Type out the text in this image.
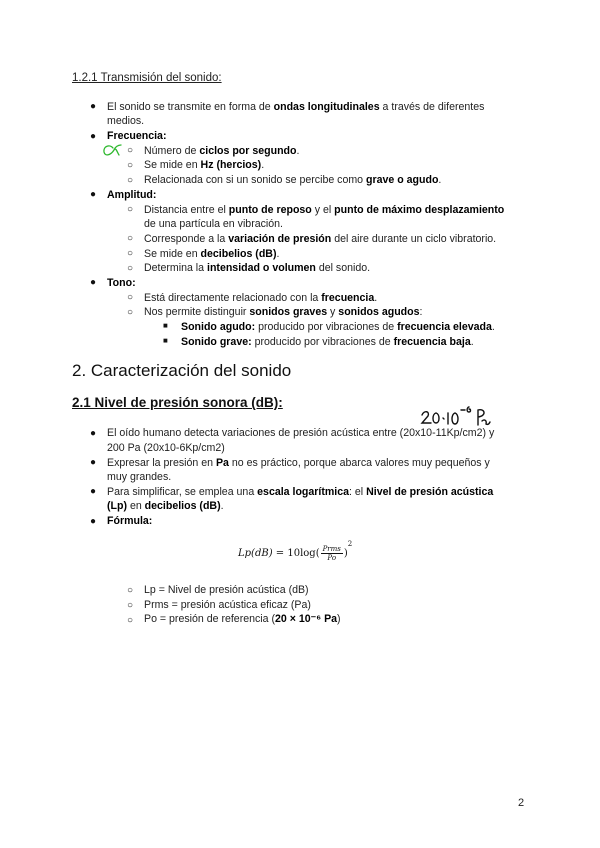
1.2.1 Transmisión del sonido:
● El sonido se transmite en forma de ondas longitudinales a través de diferentes
medios.
● Frecuencia:
○ Número de ciclos por segundo.
○ Se mide en Hz (hercios).
○ Relacionada con si un sonido se percibe como grave o agudo.
● Amplitud:
○ Distancia entre el punto de reposo y el punto de máximo desplazamiento
de una partícula en vibración.
○ Corresponde a la variación de presión del aire durante un ciclo vibratorio.
○ Se mide en decibelios (dB).
○ Determina la intensidad o volumen del sonido.
● Tono:
○ Está directamente relacionado con la frecuencia.
○ Nos permite distinguir sonidos graves y sonidos agudos:
■ Sonido agudo: producido por vibraciones de frecuencia elevada.
■ Sonido grave: producido por vibraciones de frecuencia baja.
2. Caracterización del sonido
2.1 Nivel de presión sonora (dB):
● El oído humano detecta variaciones de presión acústica entre (20x10-11Kp/cm2) y
200 Pa (20x10-6Kp/cm2)
● Expresar la presión en Pa no es práctico, porque abarca valores muy pequeños y
muy grandes.
● Para simplificar, se emplea una escala logarítmica: el Nivel de presión acústica
(Lp) en decibelios (dB).
● Fórmula:
$Lp(dB) = 10\log( \frac{\text{Prms}}{Po} )^2$
○ Lp = Nivel de presión acústica (dB)
○ Prms = presión acústica eficaz (Pa)
○ Po = presión de referencia (20 × 10⁻⁶ Pa)
2
